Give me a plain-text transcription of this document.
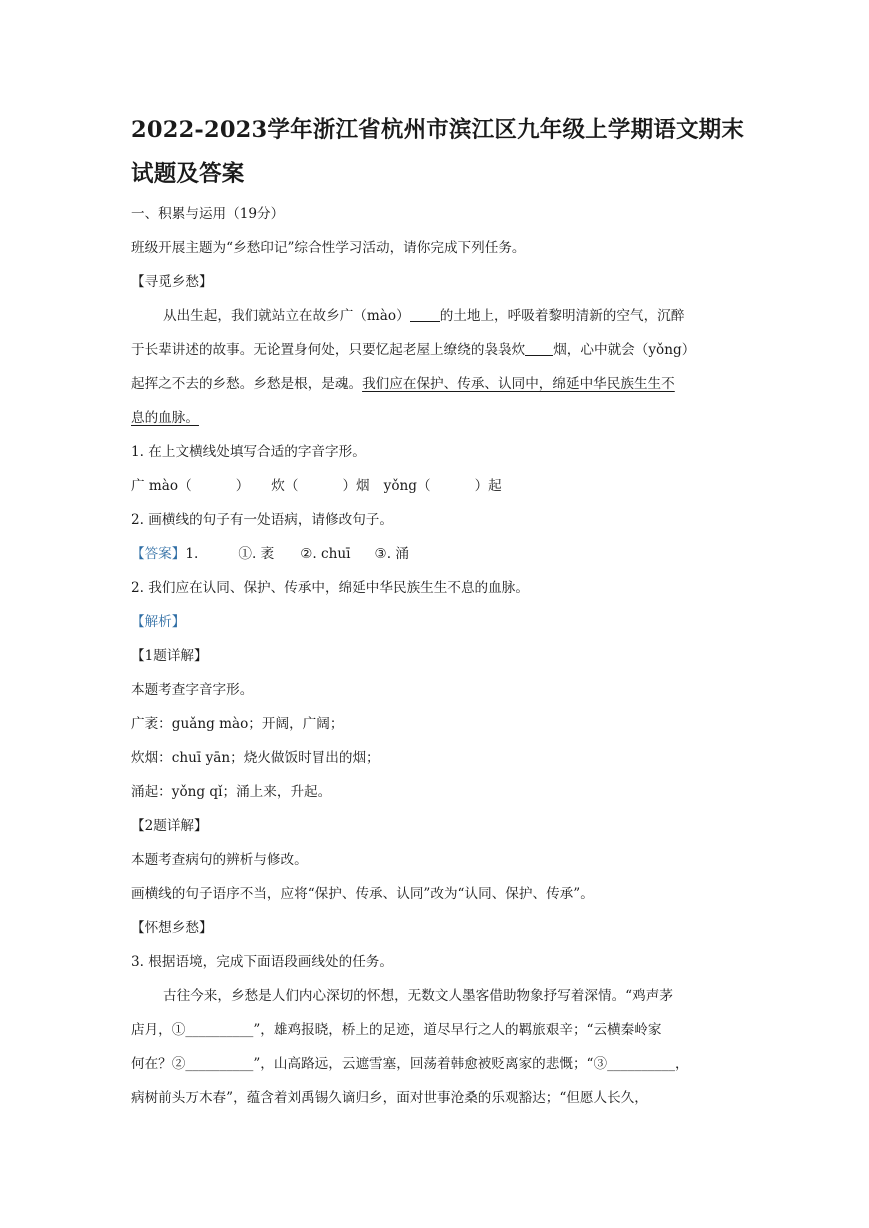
2022-2023学年浙江省杭州市滨江区九年级上学期语文期末
试题及答案
一、积累与运用（19分）
班级开展主题为“乡愁印记”综合性学习活动，请你完成下列任务。
【寻觅乡愁】
从出生起，我们就站立在故乡广（mào） 的土地上，呼吸着黎明清新的空气，沉醉
于长辈讲述的故事。无论置身何处，只要忆起老屋上缭绕的袅袅炊 烟，心中就会（yǒng）
起挥之不去的乡愁。乡愁是根，是魂。我们应在保护、传承、认同中，绵延中华民族生生不
息的血脉。
1. 在上文横线处填写合适的字音字形。
广 mào（	） 炊（	）烟 yǒng（	）起
2. 画横线的句子有一处语病，请修改句子。
【答案】1.	①. 袤 ②. chuī ③. 涌
2. 我们应在认同、保护、传承中，绵延中华民族生生不息的血脉。
【解析】
【1题详解】
本题考查字音字形。
广袤：guǎng mào；开阔，广阔；
炊烟：chuī yān；烧火做饭时冒出的烟；
涌起：yǒng qǐ；涌上来，升起。
【2题详解】
本题考查病句的辨析与修改。
画横线的句子语序不当，应将“保护、传承、认同”改为“认同、保护、传承”。
【怀想乡愁】
3. 根据语境，完成下面语段画线处的任务。
古往今来，乡愁是人们内心深切的怀想，无数文人墨客借助物象抒写着深情。“鸡声茅
店月，①__________”，雄鸡报晓，桥上的足迹，道尽早行之人的羁旅艰辛；“云横秦岭家
何在？②__________”，山高路远，云遮雪塞，回荡着韩愈被贬离家的悲慨；“③__________，
病树前头万木春”，蕴含着刘禹锡久谪归乡，面对世事沧桑的乐观豁达；“但愿人长久，
